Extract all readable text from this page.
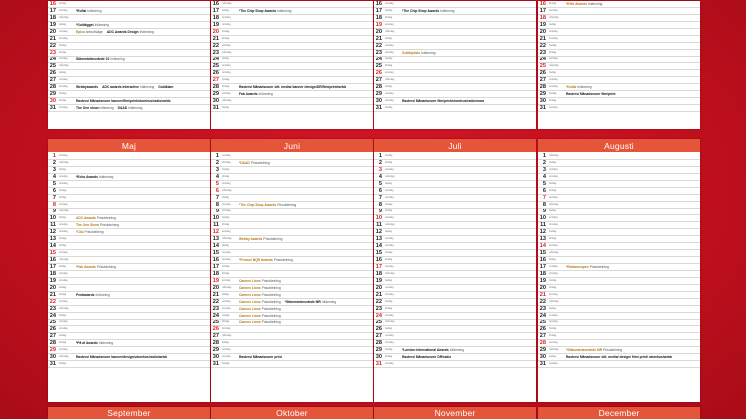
16	lördag
17	söndag	*EufialInlämning
18	måndag
19	tisdag	*GuldäggetInlämning
20	onsdag	Epicaanbudsläge ADC Awards DesignInlämning
21	torsdag
22	fredag
23	lördag
24	söndag	Stämmbränsvärde 10Inlämning
25	måndag
26	tisdag
27	onsdag
28	torsdag	Webbyawards ADC awards InteractiveInlämning Guldklam
29	fredag
30	lördag	Rastersi Månadsnumr banner/film/print/utomhus/radio/webb
31	söndag	The One showinlämning D&ADInlämning
16	måndag
17	tisdag	*The Chip Shop AwardsInlämning
18	onsdag
19	torsdag
20	fredag
21	lördag
22	söndag
23	måndag
24	tisdag
25	onsdag
26	torsdag
27	fredag
28	lördag	Rastersi Månadsnumr sitt. media/ banner /design/DR/film/print/webb
29	söndag	Fab AwardsInlämning
30	måndag
31	tisdag
16	torsdag
17	fredag	*The Chip Shop AwardsInlämning
18	lördag
19	söndag
20	måndag
21	tisdag
22	onsdag
23	torsdag	GuldhjulsluInlämning
24	fredag
25	lördag
26	söndag
27	måndag
28	tisdag
29	onsdag
30	torsdag	Rastersi Månadsnumr film/print/utomhus/radio/mara
31	fredag
16	lördag	*Effie AwardsInlämning
17	söndag
18	måndag
19	tisdag
20	onsdag
21	torsdag
22	fredag
23	lördag
24	söndag
25	måndag
26	tisdag
27	onsdag
28	torsdag	*KulialInlämning
29	fredag	Rastersi Månadsnumr film/print
30	lördag
31	söndag
Maj
1	söndag
2	måndag
3	tisdag
4	onsdag	*Echo AwardsInlämning
5	torsdag
6	fredag
7	lördag
8	söndag
9	måndag
10	tisdag	ADC AwardsPrisutdelning
11	onsdag	The One ShowPrisutdelning
12	torsdag	*ClioPrisutdelning
13	fredag
14	lördag
15	söndag
16	måndag
17	tisdag	*Fab AwardsPrisutdelning
18	onsdag
19	torsdag
20	fredag
21	lördag	PentawardsInlämning
22	söndag
23	måndag
24	tisdag
25	onsdag
26	torsdag
27	fredag
28	lördag	*På af AwardsInlämning
29	söndag
30	måndag	Rastersi Månadsnumr banner/design/utomhus/radio/webb
31	tisdag
Juni
1	onsdag
2	torsdag	*D&ADPrisutdelning
3	fredag
4	lördag
5	söndag
6	måndag
7	tisdag
8	onsdag	*The Chip Shop AwardsPrisutdelning
9	torsdag
10	fredag
11	lördag
12	söndag
13	måndag	Webby AwardsPrisutdelning
14	tisdag
15	onsdag
16	torsdag	*Promo! BQR AwardsPrisutdelning
17	fredag
18	lördag
19	söndag	Cannes LionsPrisutdelning
20	måndag	Cannes LionsPrisutdelning
21	tisdag	Cannes LionsPrisutdelning
22	onsdag	Cannes LionsPrisutdelning *Stämmbränsvärde MRInlämning
23	torsdag	Cannes LionsPrisutdelning
24	fredag	Cannes LionsPrisutdelning
25	lördag	Cannes LionsPrisutdelning
26	söndag
27	måndag
28	tisdag
29	onsdag
30	torsdag	Rastersi Månadsnumr print
31	fredag
Juli
1	fredag
2	lördag
3	söndag
4	måndag
5	tisdag
6	onsdag
7	torsdag
8	fredag
9	lördag
10	söndag
11	måndag
12	tisdag
13	onsdag
14	torsdag
15	fredag
16	lördag
17	söndag
18	måndag
19	tisdag
20	onsdag
21	torsdag
22	fredag
23	lördag
24	söndag
25	måndag
26	tisdag
27	onsdag
28	torsdag
29	fredag	*London International AwardsInlämning
30	lördag	Rastersi Månadsnumr DR/radio
31	söndag
Augusti
1	måndag
2	tisdag
3	onsdag
4	torsdag
5	fredag
6	lördag
7	söndag
8	måndag
9	tisdag
10	onsdag
11	torsdag
12	fredag
13	lördag
14	söndag
15	måndag
16	tisdag
17	onsdag	*ReklamcupenPrisutdelning
18	torsdag
19	fredag
20	lördag
21	söndag
22	måndag
23	tisdag
24	onsdag
25	torsdag
26	fredag
27	lördag
28	söndag
29	måndag	*Stämmbränsvärde MRPrisutdelning
30	tisdag	Rastersi Månadsnumr sitt. media/ design/ film/ print/ utomhus/webb
31	onsdag
September	Oktober	November	December
